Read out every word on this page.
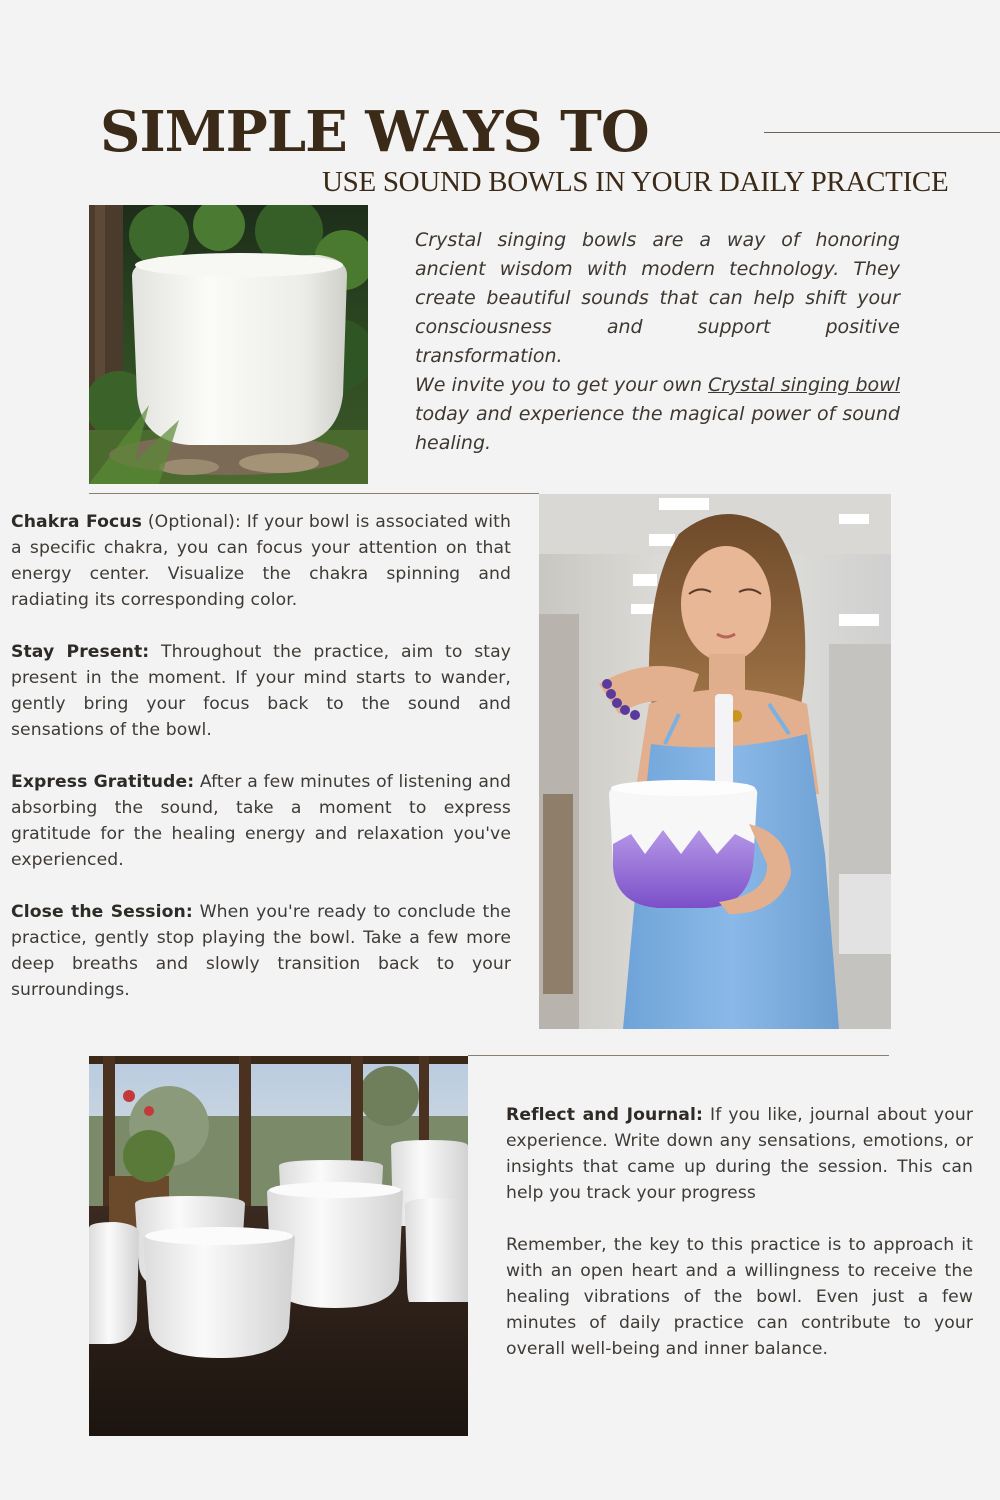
SIMPLE WAYS TO
USE SOUND BOWLS IN YOUR DAILY PRACTICE

Crystal singing bowls are a way of honoring ancient wisdom with modern technology. They create beautiful sounds that can help shift your consciousness and support positive transformation.

We invite you to get your own Crystal singing bowl today and experience the magical power of sound healing.

Chakra Focus (Optional): If your bowl is associated with a specific chakra, you can focus your attention on that energy center. Visualize the chakra spinning and radiating its corresponding color.

Stay Present: Throughout the practice, aim to stay present in the moment. If your mind starts to wander, gently bring your focus back to the sound and sensations of the bowl.

Express Gratitude: After a few minutes of listening and absorbing the sound, take a moment to express gratitude for the healing energy and relaxation you've experienced.

Close the Session: When you're ready to conclude the practice, gently stop playing the bowl. Take a few more deep breaths and slowly transition back to your surroundings.

Reflect and Journal: If you like, journal about your experience. Write down any sensations, emotions, or insights that came up during the session. This can help you track your progress

Remember, the key to this practice is to approach it with an open heart and a willingness to receive the healing vibrations of the bowl. Even just a few minutes of daily practice can contribute to your overall well-being and inner balance.
